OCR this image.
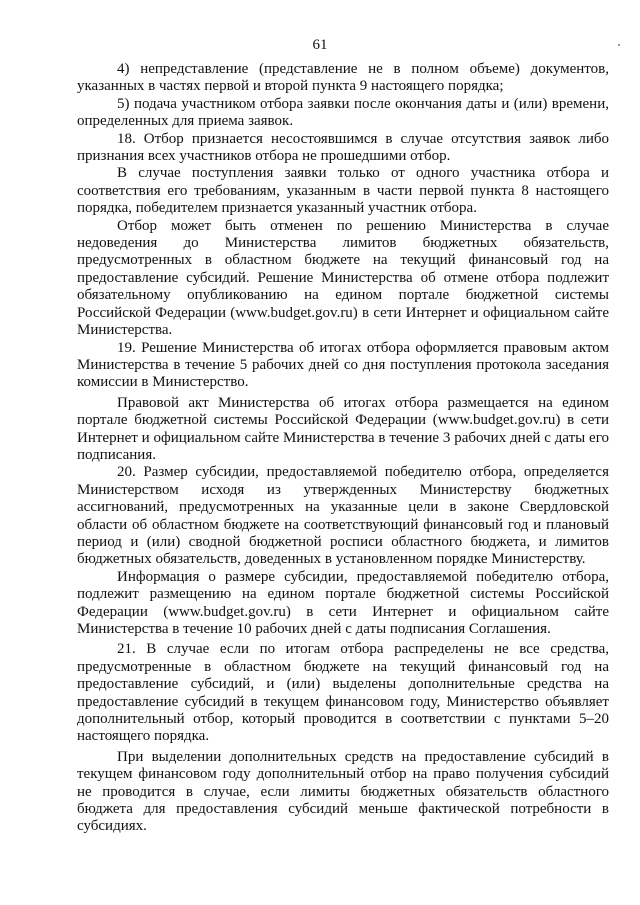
61

4) непредставление (представление не в полном объеме) документов, указанных в частях первой и второй пункта 9 настоящего порядка;

5) подача участником отбора заявки после окончания даты и (или) времени, определенных для приема заявок.

18. Отбор признается несостоявшимся в случае отсутствия заявок либо признания всех участников отбора не прошедшими отбор.

В случае поступления заявки только от одного участника отбора и соответствия его требованиям, указанным в части первой пункта 8 настоящего порядка, победителем признается указанный участник отбора.

Отбор может быть отменен по решению Министерства в случае недоведения до Министерства лимитов бюджетных обязательств, предусмотренных в областном бюджете на текущий финансовый год на предоставление субсидий. Решение Министерства об отмене отбора подлежит обязательному опубликованию на едином портале бюджетной системы Российской Федерации (www.budget.gov.ru) в сети Интернет и официальном сайте Министерства.

19. Решение Министерства об итогах отбора оформляется правовым актом Министерства в течение 5 рабочих дней со дня поступления протокола заседания комиссии в Министерство.

Правовой акт Министерства об итогах отбора размещается на едином портале бюджетной системы Российской Федерации (www.budget.gov.ru) в сети Интернет и официальном сайте Министерства в течение 3 рабочих дней с даты его подписания.

20. Размер субсидии, предоставляемой победителю отбора, определяется Министерством исходя из утвержденных Министерству бюджетных ассигнований, предусмотренных на указанные цели в законе Свердловской области об областном бюджете на соответствующий финансовый год и плановый период и (или) сводной бюджетной росписи областного бюджета, и лимитов бюджетных обязательств, доведенных в установленном порядке Министерству.

Информация о размере субсидии, предоставляемой победителю отбора, подлежит размещению на едином портале бюджетной системы Российской Федерации (www.budget.gov.ru) в сети Интернет и официальном сайте Министерства в течение 10 рабочих дней с даты подписания Соглашения.

21. В случае если по итогам отбора распределены не все средства, предусмотренные в областном бюджете на текущий финансовый год на предоставление субсидий, и (или) выделены дополнительные средства на предоставление субсидий в текущем финансовом году, Министерство объявляет дополнительный отбор, который проводится в соответствии с пунктами 5–20 настоящего порядка.

При выделении дополнительных средств на предоставление субсидий в текущем финансовом году дополнительный отбор на право получения субсидий не проводится в случае, если лимиты бюджетных обязательств областного бюджета для предоставления субсидий меньше фактической потребности в субсидиях.
